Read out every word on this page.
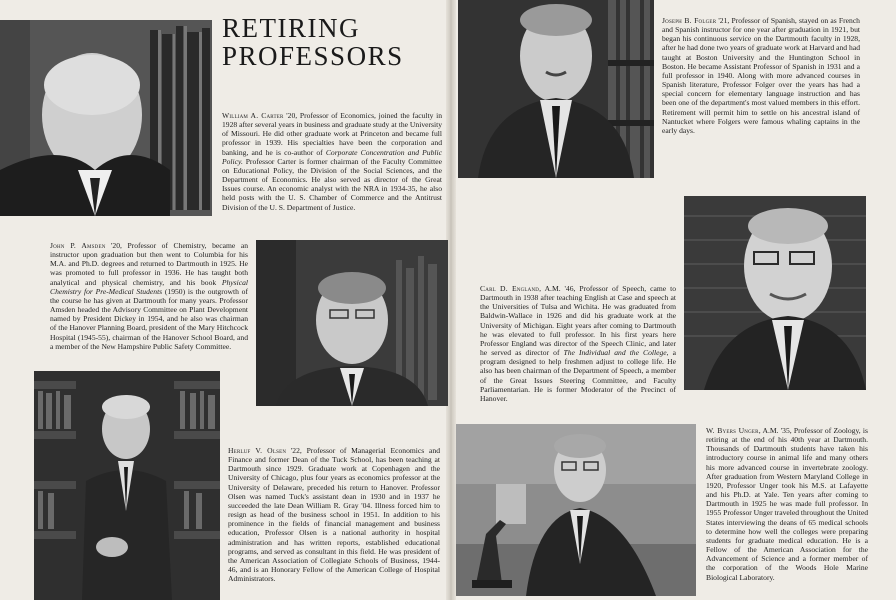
RETIRING
PROFESSORS

William A. Carter '20, Professor of Economics, joined the faculty in 1928 after several years in business and graduate study at the University of Missouri. He did other graduate work at Princeton and became full professor in 1939. His specialties have been the corporation and banking, and he is co-author of Corporate Concentration and Public Policy. Professor Carter is former chairman of the Faculty Committee on Educational Policy, the Division of the Social Sciences, and the Department of Economics. He also served as director of the Great Issues course. An economic analyst with the NRA in 1934-35, he also held posts with the U. S. Chamber of Commerce and the Antitrust Division of the U. S. Department of Justice.

John P. Amsden '20, Professor of Chemistry, became an instructor upon graduation but then went to Columbia for his M.A. and Ph.D. degrees and returned to Dartmouth in 1925. He was promoted to full professor in 1936. He has taught both analytical and physical chemistry, and his book Physical Chemistry for Pre-Medical Students (1950) is the outgrowth of the course he has given at Dartmouth for many years. Professor Amsden headed the Advisory Committee on Plant Development named by President Dickey in 1954, and he also was chairman of the Hanover Planning Board, president of the Mary Hitchcock Hospital (1945-55), chairman of the Hanover School Board, and a member of the New Hampshire Public Safety Committee.

Herluf V. Olsen '22, Professor of Managerial Economics and Finance and former Dean of the Tuck School, has been teaching at Dartmouth since 1929. Graduate work at Copenhagen and the University of Chicago, plus four years as economics professor at the University of Delaware, preceded his return to Hanover. Professor Olsen was named Tuck's assistant dean in 1930 and in 1937 he succeeded the late Dean William R. Gray '04. Illness forced him to resign as head of the business school in 1951. In addition to his prominence in the fields of financial management and business education, Professor Olsen is a national authority in hospital administration and has written reports, established educational programs, and served as consultant in this field. He was president of the American Association of Collegiate Schools of Business, 1944-46, and is an Honorary Fellow of the American College of Hospital Administrators.

Joseph B. Folger '21, Professor of Spanish, stayed on as French and Spanish instructor for one year after graduation in 1921, but began his continuous service on the Dartmouth faculty in 1928, after he had done two years of graduate work at Harvard and had taught at Boston University and the Huntington School in Boston. He became Assistant Professor of Spanish in 1931 and a full professor in 1940. Along with more advanced courses in Spanish literature, Professor Folger over the years has had a special concern for elementary language instruction and has been one of the department's most valued members in this effort. Retirement will permit him to settle on his ancestral island of Nantucket where Folgers were famous whaling captains in the early days.

Carl D. England, A.M. '46, Professor of Speech, came to Dartmouth in 1938 after teaching English at Case and speech at the Universities of Tulsa and Wichita. He was graduated from Baldwin-Wallace in 1926 and did his graduate work at the University of Michigan. Eight years after coming to Dartmouth he was elevated to full professor. In his first years here Professor England was director of the Speech Clinic, and later he served as director of The Individual and the College, a program designed to help freshmen adjust to college life. He also has been chairman of the Department of Speech, a member of the Great Issues Steering Committee, and Faculty Parliamentarian. He is former Moderator of the Precinct of Hanover.

W. Byers Unger, A.M. '35, Professor of Zoology, is retiring at the end of his 40th year at Dartmouth. Thousands of Dartmouth students have taken his introductory course in animal life and many others his more advanced course in invertebrate zoology. After graduation from Western Maryland College in 1920, Professor Unger took his M.S. at Lafayette and his Ph.D. at Yale. Ten years after coming to Dartmouth in 1925 he was made full professor. In 1955 Professor Unger traveled throughout the United States interviewing the deans of 65 medical schools to determine how well the colleges were preparing students for graduate medical education. He is a Fellow of the American Association for the Advancement of Science and a former member of the corporation of the Woods Hole Marine Biological Laboratory.
